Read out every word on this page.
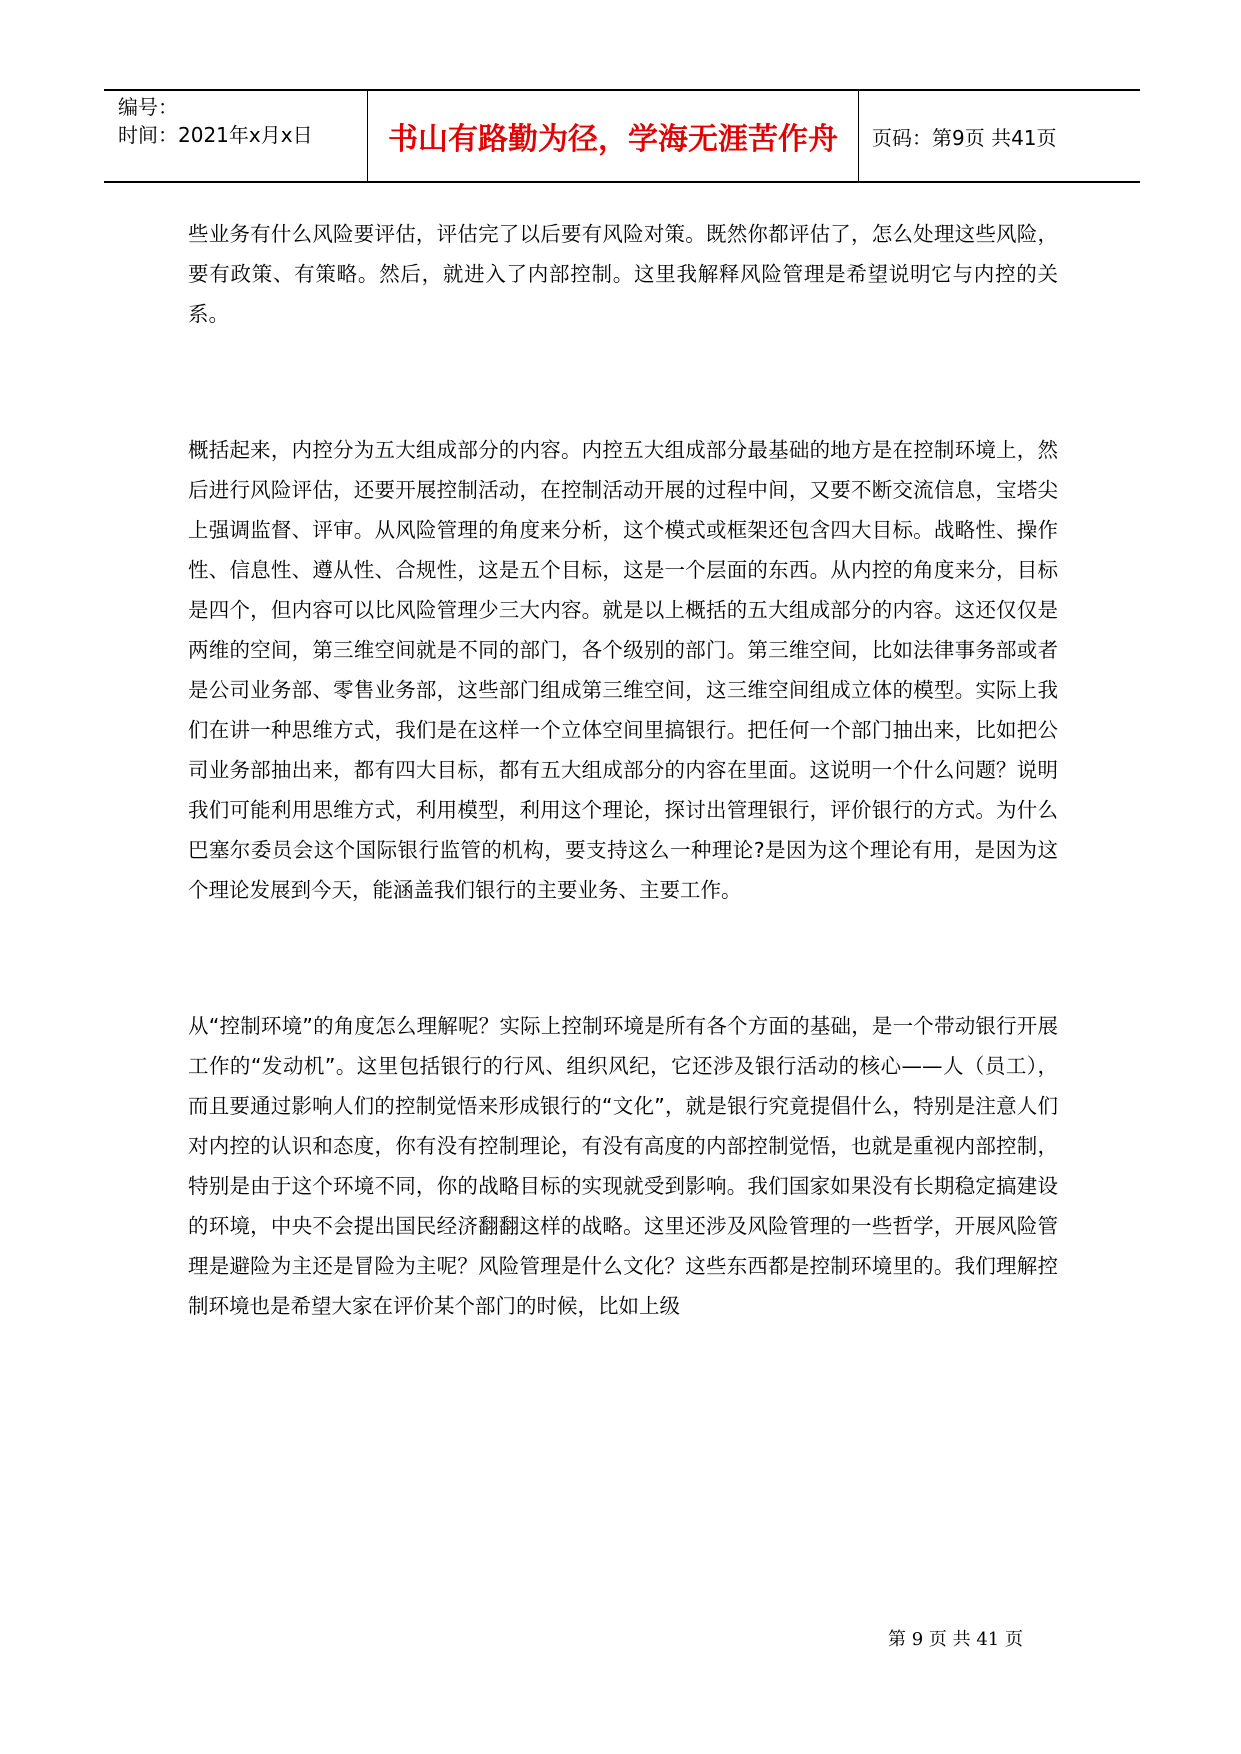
编号：
时间：2021年x月x日	书山有路勤为径，学海无涯苦作舟	页码：第9页 共41页

些业务有什么风险要评估，评估完了以后要有风险对策。既然你都评估了，怎么处理这些风险，要有政策、有策略。然后，就进入了内部控制。这里我解释风险管理是希望说明它与内控的关系。

概括起来，内控分为五大组成部分的内容。内控五大组成部分最基础的地方是在控制环境上，然后进行风险评估，还要开展控制活动，在控制活动开展的过程中间，又要不断交流信息，宝塔尖上强调监督、评审。从风险管理的角度来分析，这个模式或框架还包含四大目标。战略性、操作性、信息性、遵从性、合规性，这是五个目标，这是一个层面的东西。从内控的角度来分，目标是四个，但内容可以比风险管理少三大内容。就是以上概括的五大组成部分的内容。这还仅仅是两维的空间，第三维空间就是不同的部门，各个级别的部门。第三维空间，比如法律事务部或者是公司业务部、零售业务部，这些部门组成第三维空间，这三维空间组成立体的模型。实际上我们在讲一种思维方式，我们是在这样一个立体空间里搞银行。把任何一个部门抽出来，比如把公司业务部抽出来，都有四大目标，都有五大组成部分的内容在里面。这说明一个什么问题？说明我们可能利用思维方式，利用模型，利用这个理论，探讨出管理银行，评价银行的方式。为什么巴塞尔委员会这个国际银行监管的机构，要支持这么一种理论?是因为这个理论有用，是因为这个理论发展到今天，能涵盖我们银行的主要业务、主要工作。

从“控制环境”的角度怎么理解呢？实际上控制环境是所有各个方面的基础，是一个带动银行开展工作的“发动机”。这里包括银行的行风、组织风纪，它还涉及银行活动的核心——人（员工），而且要通过影响人们的控制觉悟来形成银行的“文化”，就是银行究竟提倡什么，特别是注意人们对内控的认识和态度，你有没有控制理论，有没有高度的内部控制觉悟，也就是重视内部控制，特别是由于这个环境不同，你的战略目标的实现就受到影响。我们国家如果没有长期稳定搞建设的环境，中央不会提出国民经济翻翻这样的战略。这里还涉及风险管理的一些哲学，开展风险管理是避险为主还是冒险为主呢？风险管理是什么文化？这些东西都是控制环境里的。我们理解控制环境也是希望大家在评价某个部门的时候，比如上级

第 9 页 共 41 页
